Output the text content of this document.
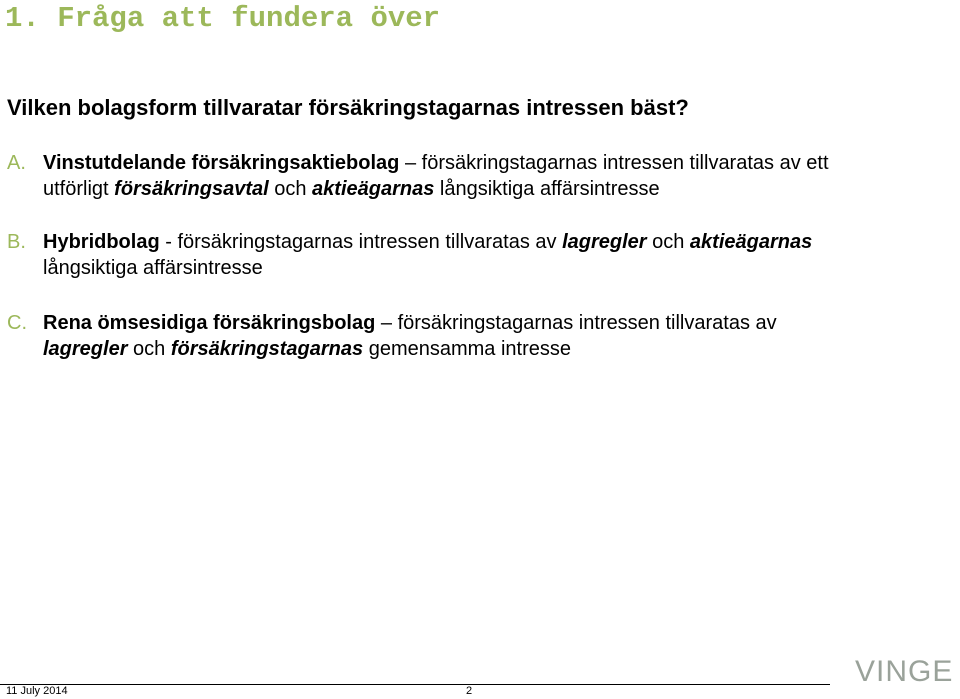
1. Fråga att fundera över
Vilken bolagsform tillvaratar försäkringstagarnas intressen bäst?
A. Vinstutdelande försäkringsaktiebolag – försäkringstagarnas intressen tillvaratas av ett
utförligt försäkringsavtal och aktieägarnas långsiktiga affärsintresse
B. Hybridbolag - försäkringstagarnas intressen tillvaratas av lagregler och aktieägarnas
långsiktiga affärsintresse
C. Rena ömsesidiga försäkringsbolag – försäkringstagarnas intressen tillvaratas av
lagregler och försäkringstagarnas gemensamma intresse
11 July 2014	2
VINGE
